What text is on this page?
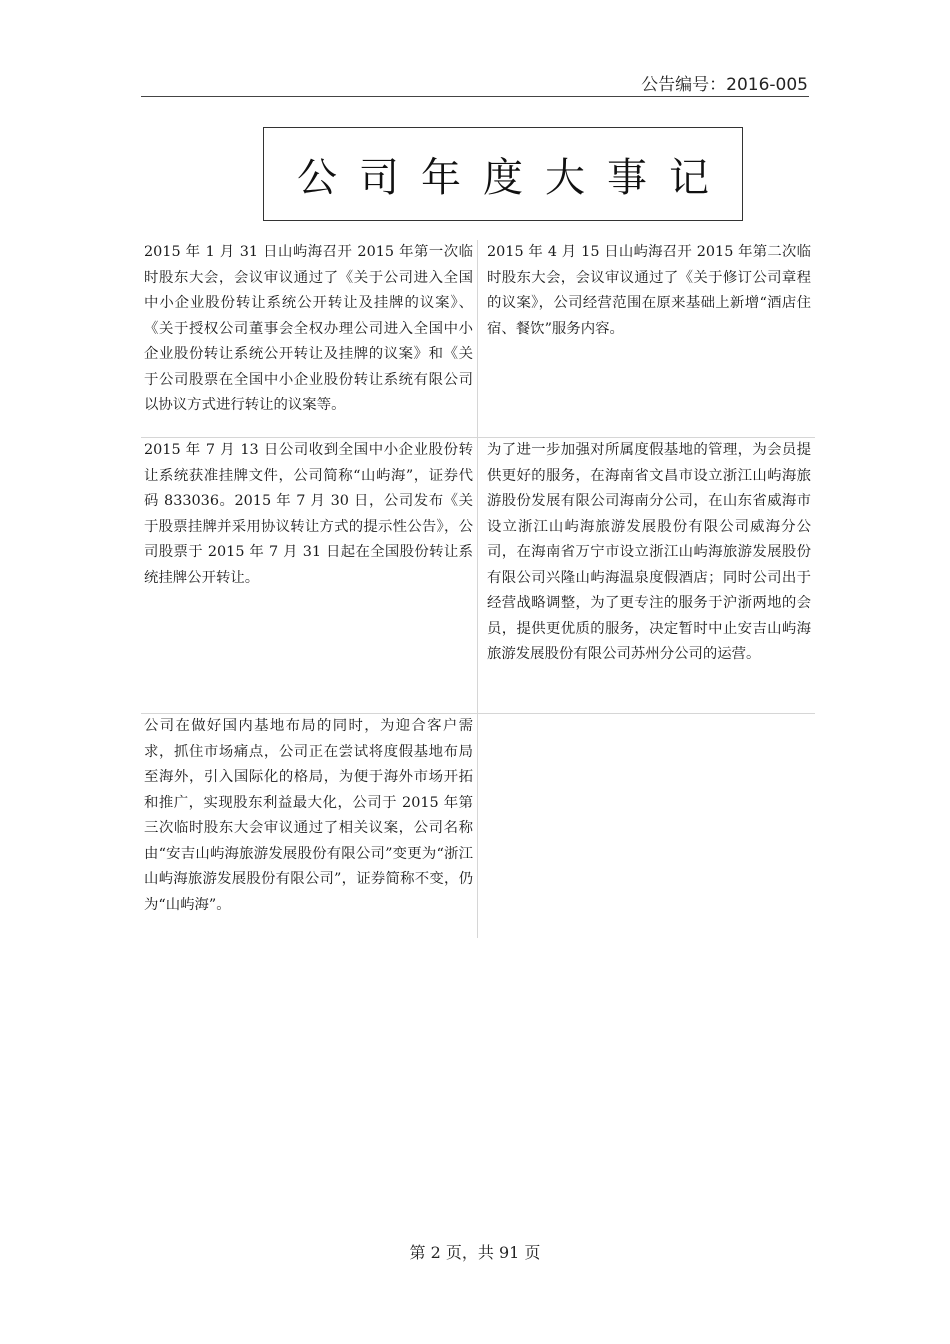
公告编号：2016-005
公司年度大事记
2015 年 1 月 31 日山屿海召开 2015 年第一次临时股东大会，会议审议通过了《关于公司进入全国中小企业股份转让系统公开转让及挂牌的议案》、《关于授权公司董事会全权办理公司进入全国中小企业股份转让系统公开转让及挂牌的议案》和《关于公司股票在全国中小企业股份转让系统有限公司以协议方式进行转让的议案等。
2015 年 4 月 15 日山屿海召开 2015 年第二次临时股东大会，会议审议通过了《关于修订公司章程的议案》，公司经营范围在原来基础上新增“酒店住宿、餐饮”服务内容。
2015 年 7 月 13 日公司收到全国中小企业股份转让系统获准挂牌文件，公司简称“山屿海”，证券代码 833036。2015 年 7 月 30 日，公司发布《关于股票挂牌并采用协议转让方式的提示性公告》，公司股票于 2015 年 7 月 31 日起在全国股份转让系统挂牌公开转让。
为了进一步加强对所属度假基地的管理，为会员提供更好的服务，在海南省文昌市设立浙江山屿海旅游股份发展有限公司海南分公司，在山东省威海市设立浙江山屿海旅游发展股份有限公司威海分公司，在海南省万宁市设立浙江山屿海旅游发展股份有限公司兴隆山屿海温泉度假酒店；同时公司出于经营战略调整，为了更专注的服务于沪浙两地的会员，提供更优质的服务，决定暂时中止安吉山屿海旅游发展股份有限公司苏州分公司的运营。
公司在做好国内基地布局的同时，为迎合客户需求，抓住市场痛点，公司正在尝试将度假基地布局至海外，引入国际化的格局，为便于海外市场开拓和推广，实现股东利益最大化，公司于 2015 年第三次临时股东大会审议通过了相关议案，公司名称由“安吉山屿海旅游发展股份有限公司”变更为“浙江山屿海旅游发展股份有限公司”，证券简称不变，仍为“山屿海”。
第 2 页，共 91 页
